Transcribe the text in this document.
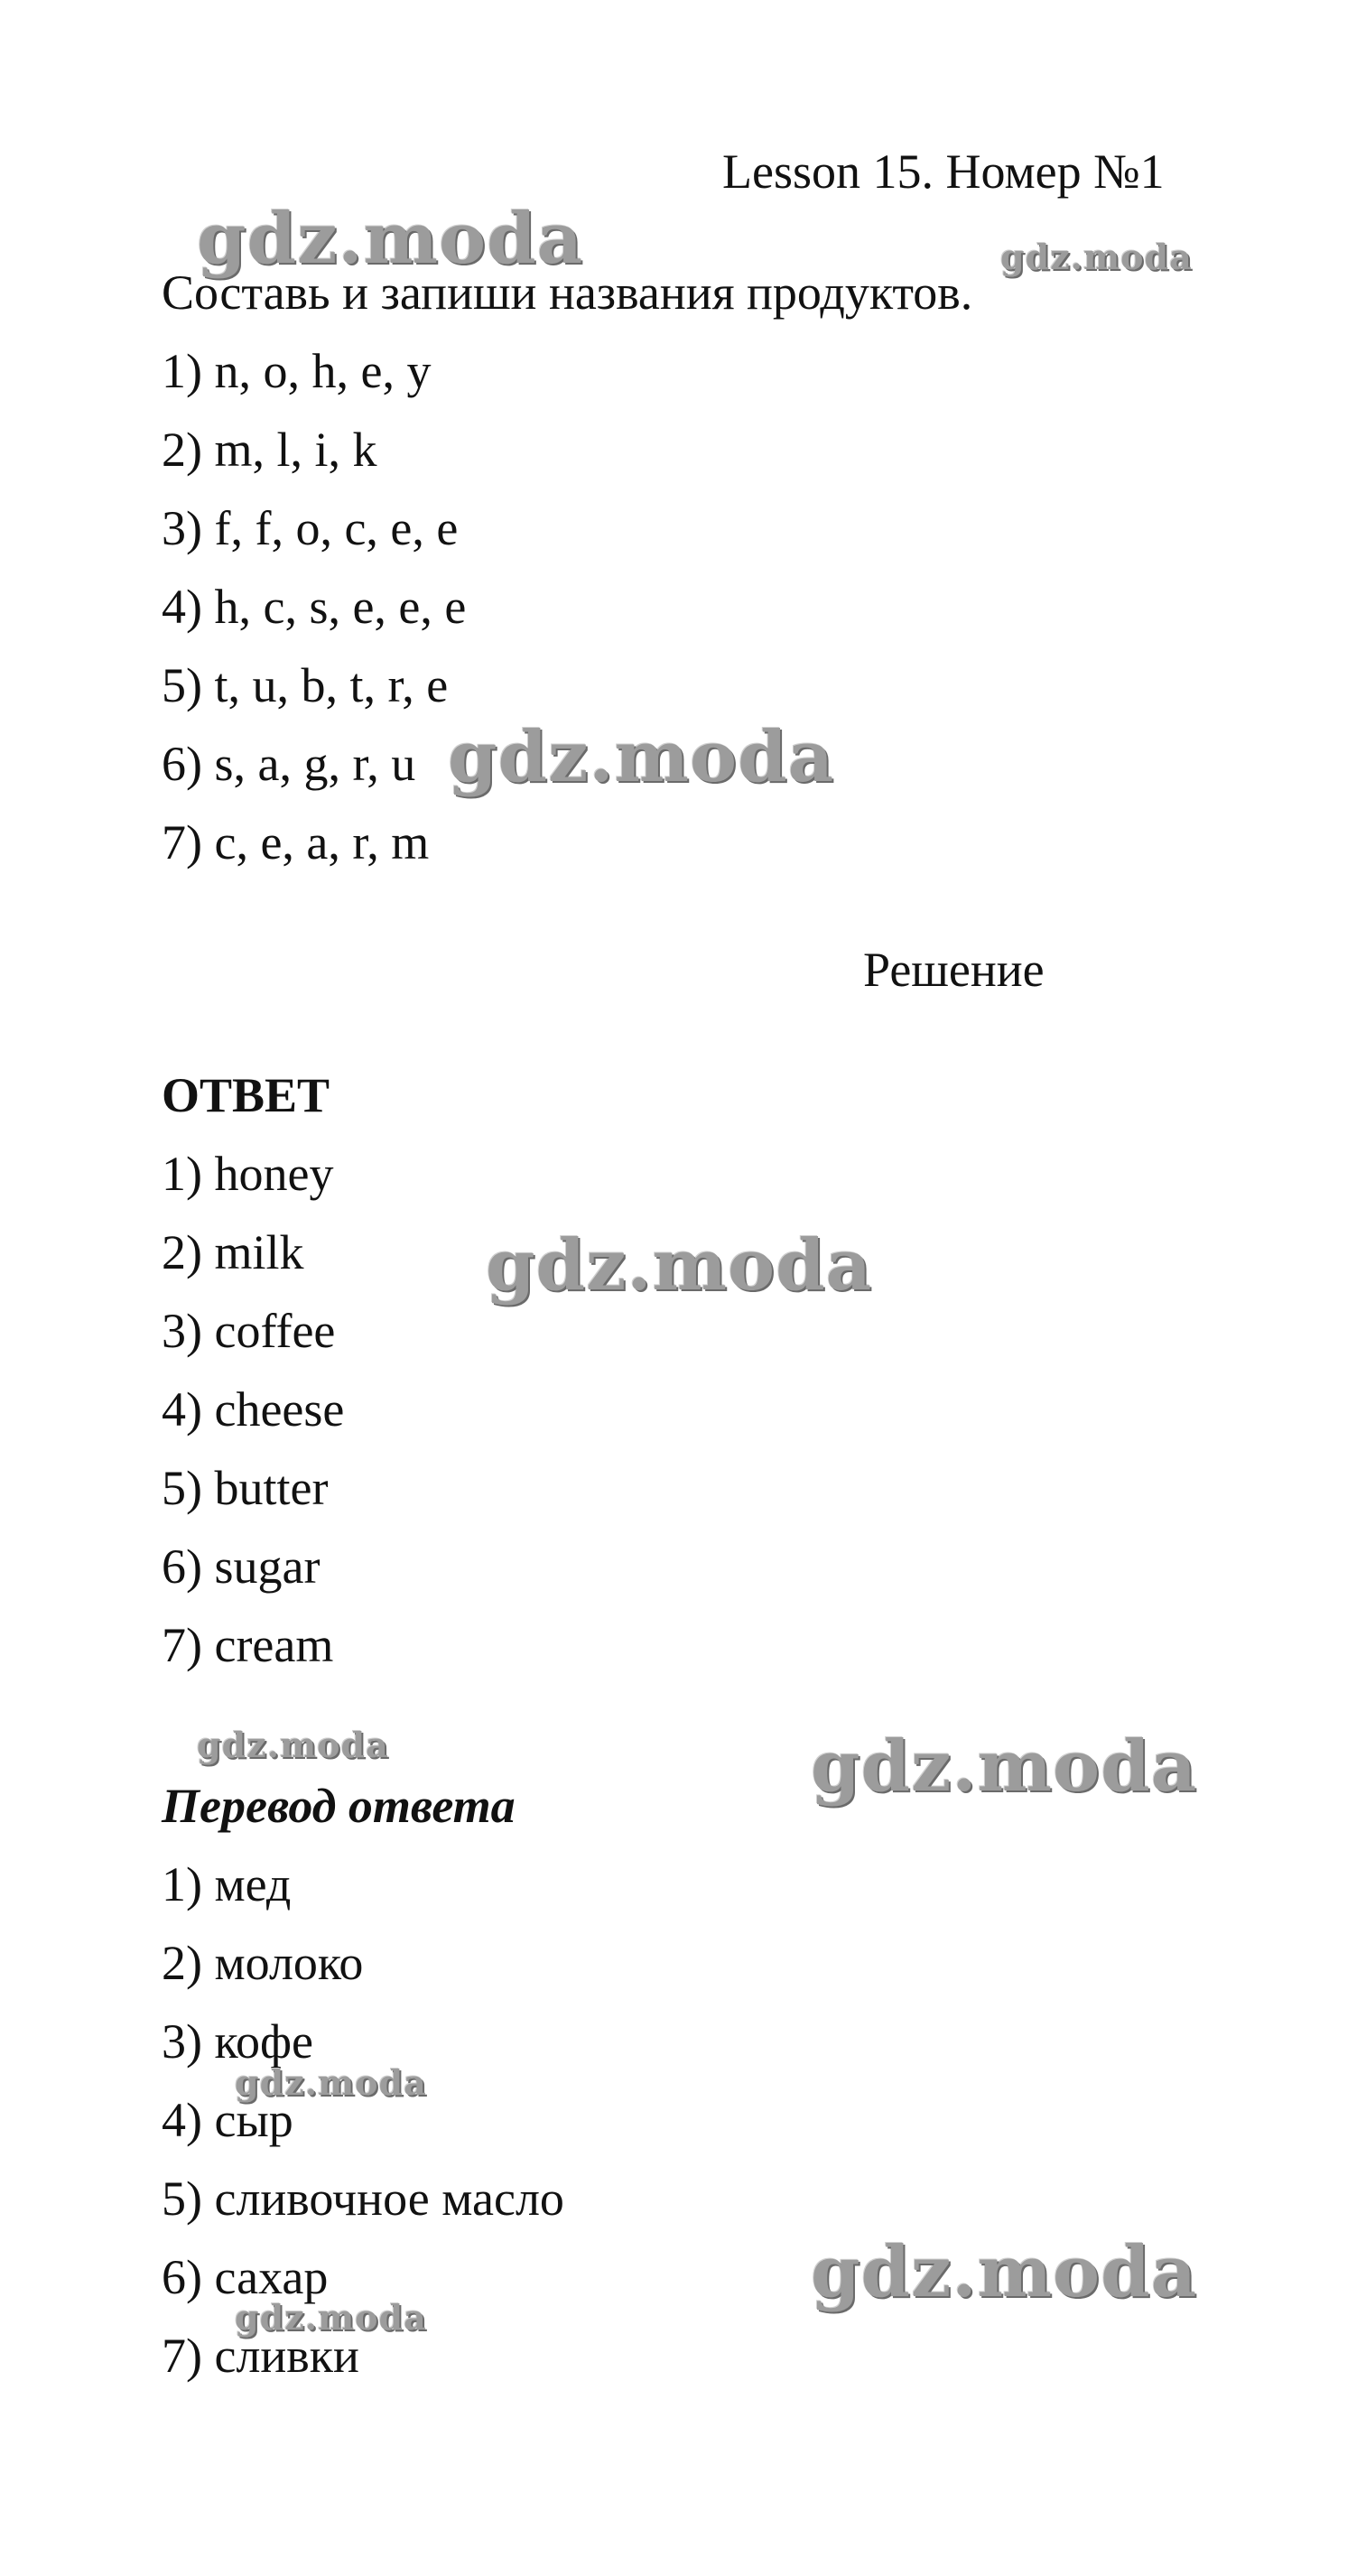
Lesson 15. Номер №1
Составь и запиши названия продуктов.
1) n, o, h, e, y
2) m, l, i, k
3) f, f, o, c, e, e
4) h, c, s, e, e, e
5) t, u, b, t, r, e
6) s, a, g, r, u
7) c, e, a, r, m
Решение
ОТВЕТ
1) honey
2) milk
3) coffee
4) cheese
5) butter
6) sugar
7) cream
Перевод ответа
1) мед
2) молоко
3) кофе
4) сыр
5) сливочное масло
6) сахар
7) сливки
gdz.moda	gdz.moda
gdz.moda
gdz.moda
gdz.moda	gdz.moda
gdz.moda
gdz.moda
gdz.moda
